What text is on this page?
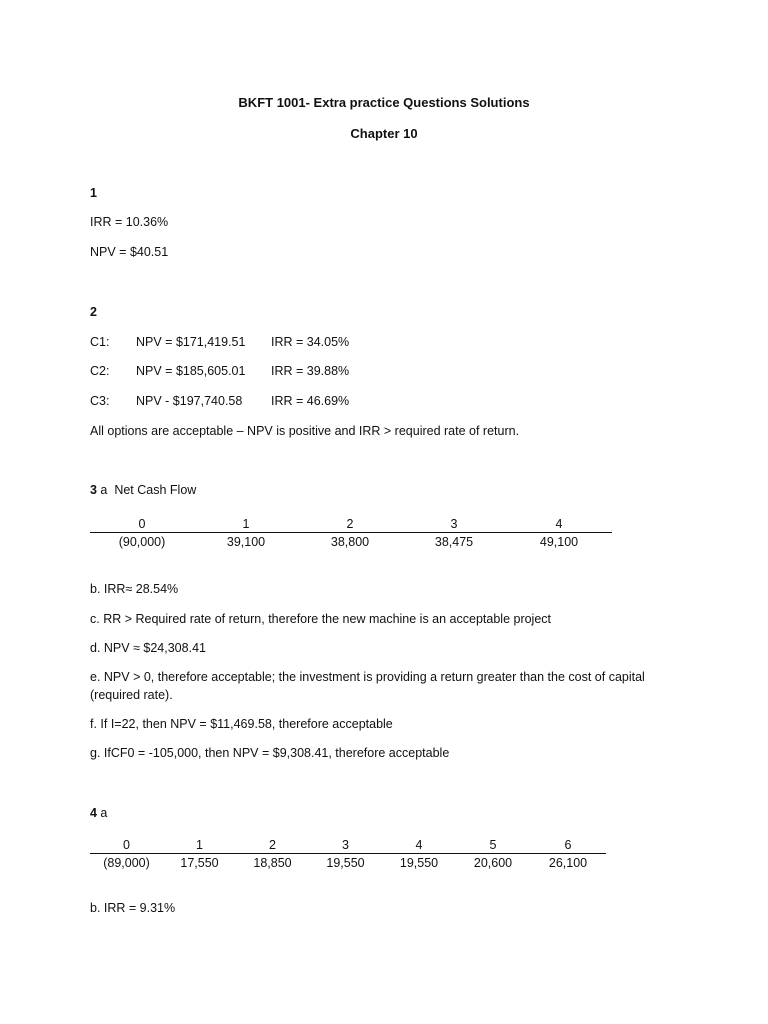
BKFT 1001- Extra practice Questions Solutions
Chapter 10
1
IRR = 10.36%
NPV = $40.51
2
C1: NPV = $171,419.51 IRR = 34.05%
C2: NPV = $185,605.01 IRR = 39.88%
C3: NPV - $197,740.58 IRR = 46.69%
All options are acceptable – NPV is positive and IRR > required rate of return.
3 a  Net Cash Flow
0	1	2	3	4
(90,000)	39,100	38,800	38,475	49,100
b. IRR≈ 28.54%
c. RR > Required rate of return, therefore the new machine is an acceptable project
d. NPV ≈ $24,308.41
e. NPV > 0, therefore acceptable; the investment is providing a return greater than the cost of capital
(required rate).
f. If I=22, then NPV = $11,469.58, therefore acceptable
g. IfCF0 = -105,000, then NPV = $9,308.41, therefore acceptable
4 a
0	1	2	3	4	5	6
(89,000)	17,550	18,850	19,550	19,550	20,600	26,100
b. IRR = 9.31%
